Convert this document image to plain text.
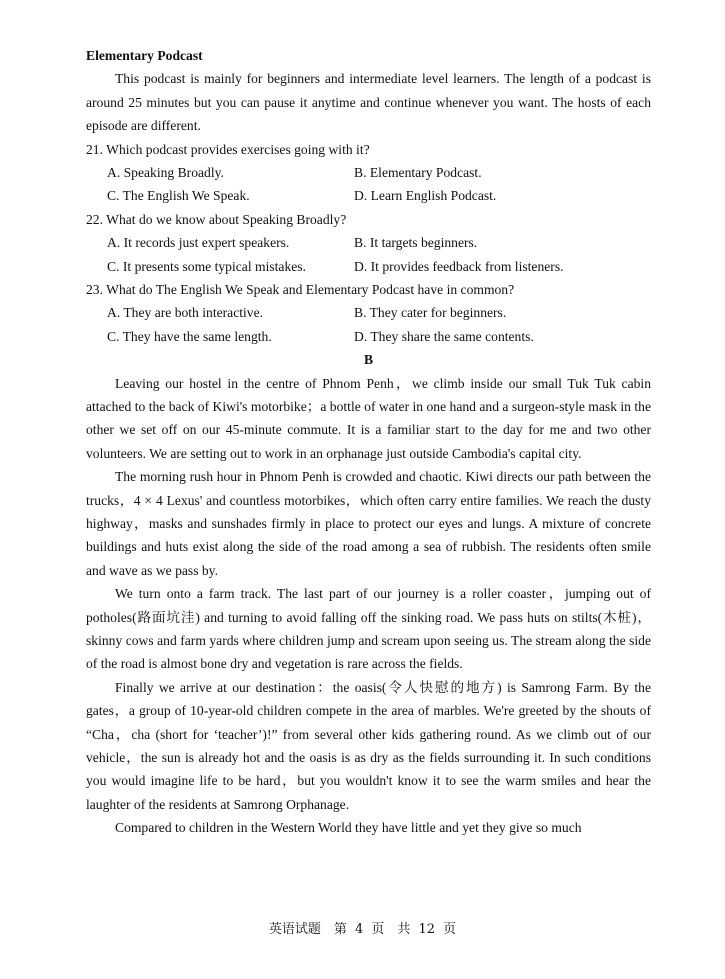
Elementary Podcast

This podcast is mainly for beginners and intermediate level learners. The length of a podcast is around 25 minutes but you can pause it anytime and continue whenever you want. The hosts of each episode are different.

21. Which podcast provides exercises going with it?

A. Speaking Broadly.	B. Elementary Podcast.
C. The English We Speak.	D. Learn English Podcast.

22. What do we know about Speaking Broadly?

A. It records just expert speakers.	B. It targets beginners.
C. It presents some typical mistakes.	D. It provides feedback from listeners.

23. What do The English We Speak and Elementary Podcast have in common?

A. They are both interactive.	B. They cater for beginners.
C. They have the same length.	D. They share the same contents.

B

Leaving our hostel in the centre of Phnom Penh，we climb inside our small Tuk Tuk cabin attached to the back of Kiwi's motorbike；a bottle of water in one hand and a surgeon-style mask in the other we set off on our 45-minute commute. It is a familiar start to the day for me and two other volunteers. We are setting out to work in an orphanage just outside Cambodia's capital city.

The morning rush hour in Phnom Penh is crowded and chaotic. Kiwi directs our path between the trucks，4 × 4 Lexus' and countless motorbikes，which often carry entire families. We reach the dusty highway，masks and sunshades firmly in place to protect our eyes and lungs. A mixture of concrete buildings and huts exist along the side of the road among a sea of rubbish. The residents often smile and wave as we pass by.

We turn onto a farm track. The last part of our journey is a roller coaster，jumping out of potholes(路面坑洼) and turning to avoid falling off the sinking road. We pass huts on stilts(木桩)，skinny cows and farm yards where children jump and scream upon seeing us. The stream along the side of the road is almost bone dry and vegetation is rare across the fields.

Finally we arrive at our destination：the oasis(令人快慰的地方) is Samrong Farm. By the gates，a group of 10-year-old children compete in the area of marbles. We're greeted by the shouts of “Cha，cha (short for ‘teacher’)!” from several other kids gathering round. As we climb out of our vehicle，the sun is already hot and the oasis is as dry as the fields surrounding it. In such conditions you would imagine life to be hard，but you wouldn't know it to see the warm smiles and hear the laughter of the residents at Samrong Orphanage.

Compared to children in the Western World they have little and yet they give so much

英语试题　第 4 页　共 12 页
